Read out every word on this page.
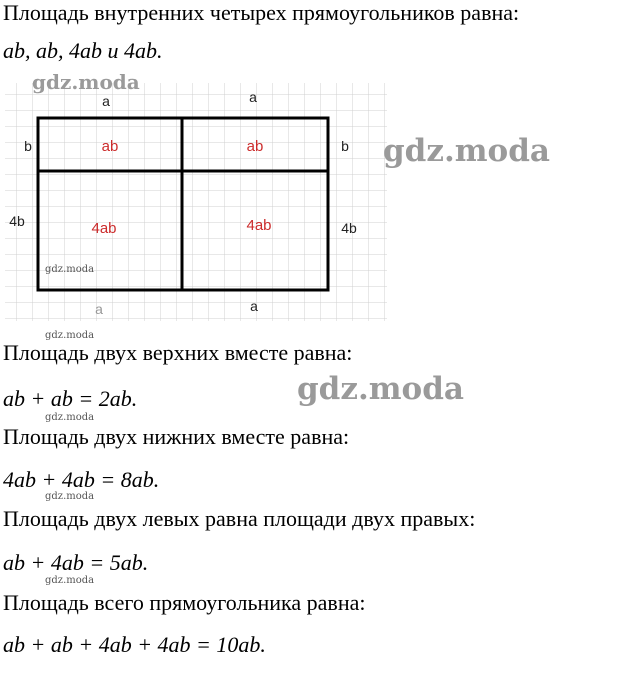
Площадь внутренних четырех прямоугольников равна:
ab, ab, 4ab и 4ab.
a	a
a	a
b
4b
b
4b
ab	ab
4ab	4ab
gdz.moda
gdz.moda
gdz.moda
gdz.moda
gdz.moda
gdz.moda
gdz.moda
gdz.moda
Площадь двух верхних вместе равна:
ab + ab = 2ab.
Площадь двух нижних вместе равна:
4ab + 4ab = 8ab.
Площадь двух левых равна площади двух правых:
ab + 4ab = 5ab.
Площадь всего прямоугольника равна:
ab + ab + 4ab + 4ab = 10ab.
